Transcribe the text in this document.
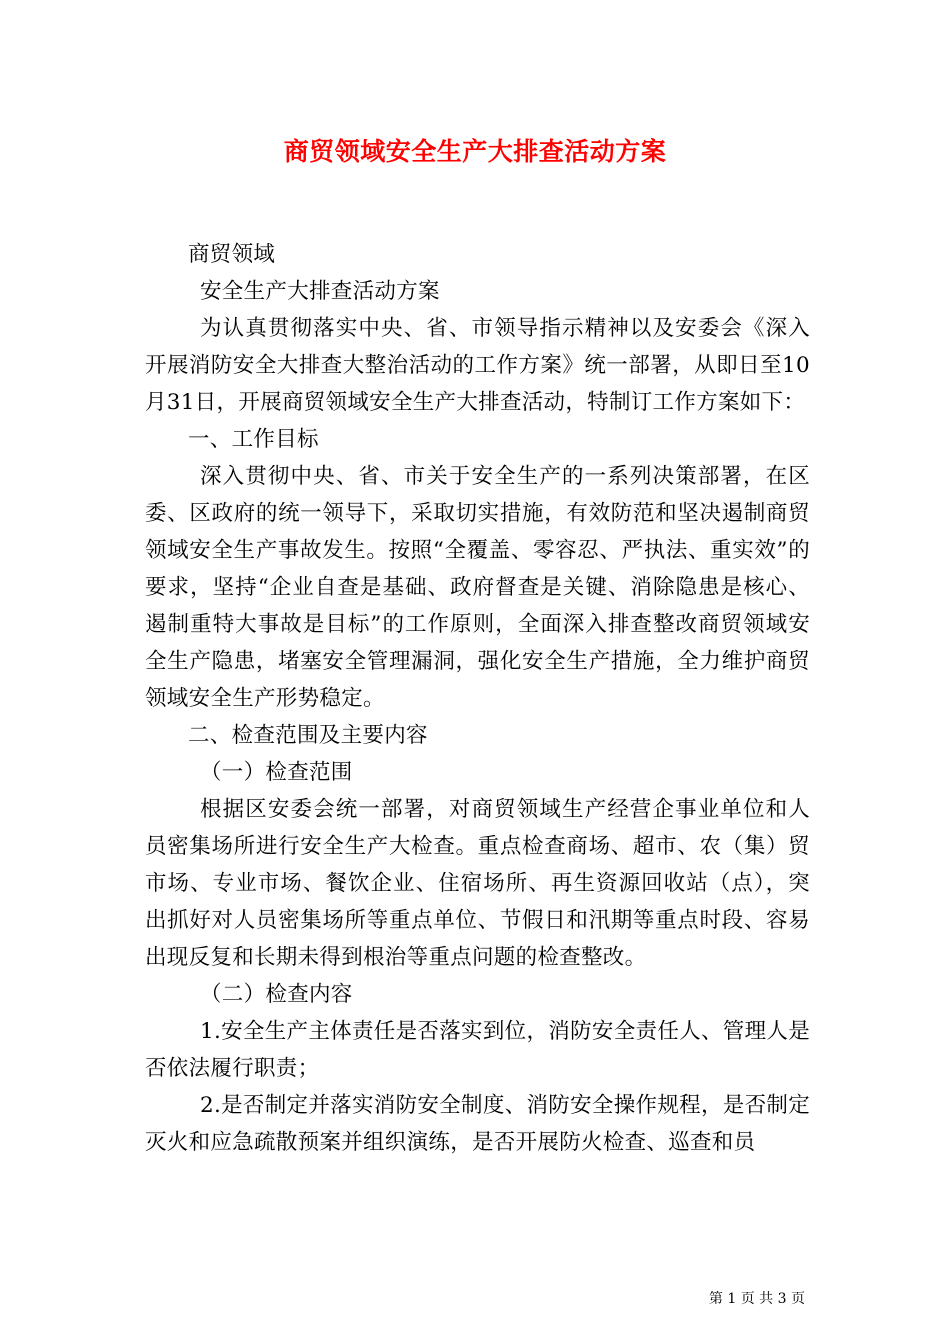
商贸领域安全生产大排查活动方案

商贸领域

安全生产大排查活动方案

为认真贯彻落实中央、省、市领导指示精神以及安委会《深入开展消防安全大排查大整治活动的工作方案》统一部署，从即日至10月31日，开展商贸领域安全生产大排查活动，特制订工作方案如下：

一、工作目标

深入贯彻中央、省、市关于安全生产的一系列决策部署，在区委、区政府的统一领导下，采取切实措施，有效防范和坚决遏制商贸领域安全生产事故发生。按照“全覆盖、零容忍、严执法、重实效”的要求，坚持“企业自查是基础、政府督查是关键、消除隐患是核心、遏制重特大事故是目标”的工作原则，全面深入排查整改商贸领域安全生产隐患，堵塞安全管理漏洞，强化安全生产措施，全力维护商贸领域安全生产形势稳定。

二、检查范围及主要内容

（一）检查范围

根据区安委会统一部署，对商贸领域生产经营企事业单位和人员密集场所进行安全生产大检查。重点检查商场、超市、农（集）贸市场、专业市场、餐饮企业、住宿场所、再生资源回收站（点），突出抓好对人员密集场所等重点单位、节假日和汛期等重点时段、容易出现反复和长期未得到根治等重点问题的检查整改。

（二）检查内容

1.安全生产主体责任是否落实到位，消防安全责任人、管理人是否依法履行职责；

2.是否制定并落实消防安全制度、消防安全操作规程，是否制定灭火和应急疏散预案并组织演练，是否开展防火检查、巡查和员

第 1 页 共 3 页
